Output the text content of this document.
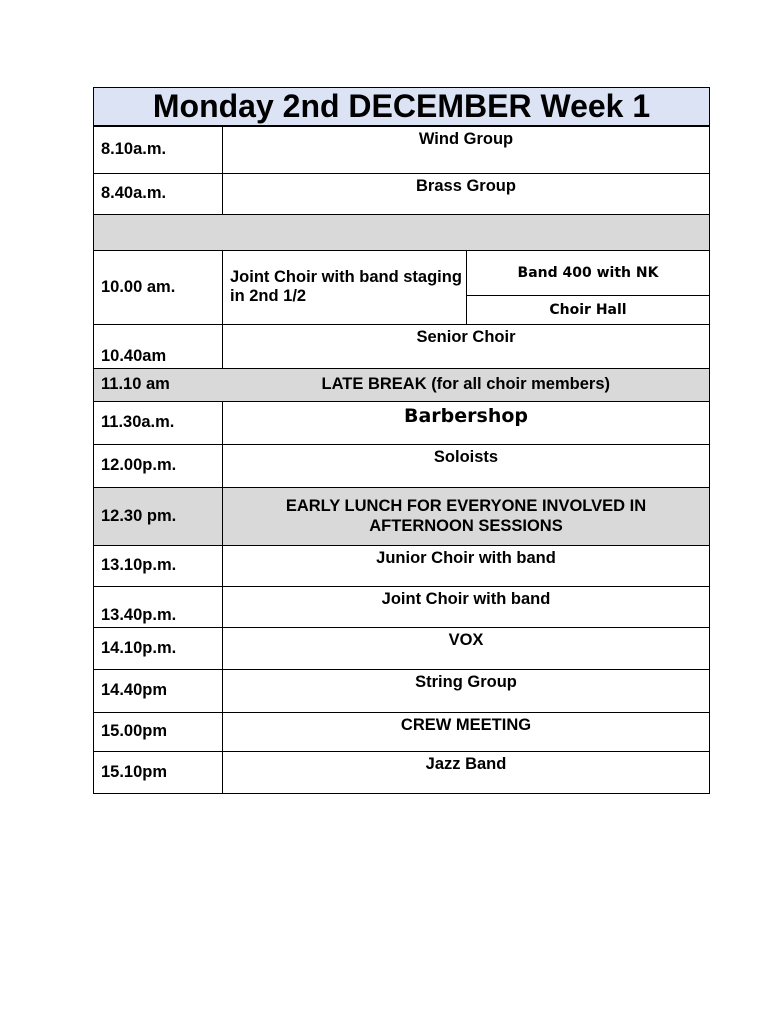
Monday 2nd DECEMBER Week 1		
8.10a.m.	Wind Group	
8.40a.m.	Brass Group	

10.00 am.	Joint Choir with band staging in 2nd 1/2	Band 400 with NK
		Choir Hall
10.40am	Senior Choir	
11.10 am	LATE BREAK (for all choir members)	
11.30a.m.	Barbershop	
12.00p.m.	Soloists	
12.30 pm.	EARLY LUNCH FOR EVERYONE INVOLVED IN AFTERNOON SESSIONS	
13.10p.m.	Junior Choir with band	
13.40p.m.	Joint Choir with band	
14.10p.m.	VOX	
14.40pm	String Group	
15.00pm	CREW MEETING	
15.10pm	Jazz Band	
